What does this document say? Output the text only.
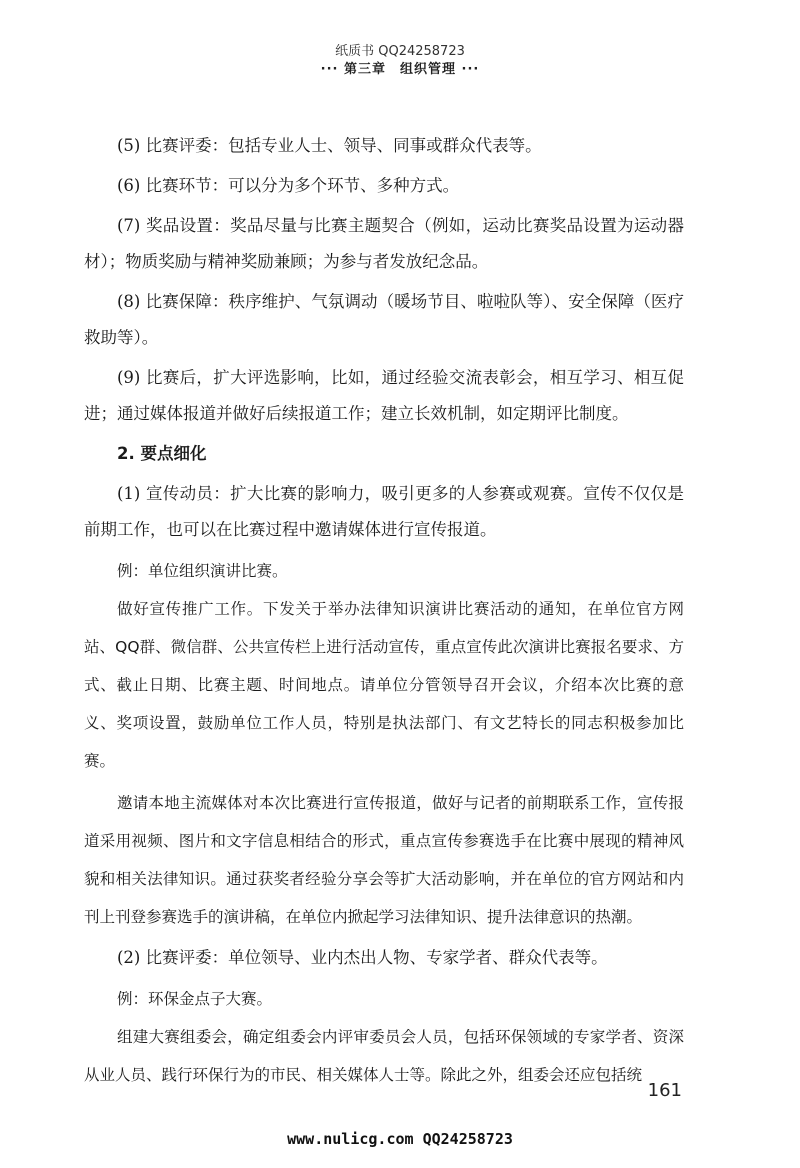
纸质书 QQ24258723
··· 第三章　组织管理 ···

(5) 比赛评委：包括专业人士、领导、同事或群众代表等。

(6) 比赛环节：可以分为多个环节、多种方式。

(7) 奖品设置：奖品尽量与比赛主题契合（例如，运动比赛奖品设置为运动器材）；物质奖励与精神奖励兼顾；为参与者发放纪念品。

(8) 比赛保障：秩序维护、气氛调动（暖场节目、啦啦队等）、安全保障（医疗救助等）。

(9) 比赛后，扩大评选影响，比如，通过经验交流表彰会，相互学习、相互促进；通过媒体报道并做好后续报道工作；建立长效机制，如定期评比制度。

2. 要点细化

(1) 宣传动员：扩大比赛的影响力，吸引更多的人参赛或观赛。宣传不仅仅是前期工作，也可以在比赛过程中邀请媒体进行宣传报道。

例：单位组织演讲比赛。

做好宣传推广工作。下发关于举办法律知识演讲比赛活动的通知，在单位官方网站、QQ群、微信群、公共宣传栏上进行活动宣传，重点宣传此次演讲比赛报名要求、方式、截止日期、比赛主题、时间地点。请单位分管领导召开会议，介绍本次比赛的意义、奖项设置，鼓励单位工作人员，特别是执法部门、有文艺特长的同志积极参加比赛。

邀请本地主流媒体对本次比赛进行宣传报道，做好与记者的前期联系工作，宣传报道采用视频、图片和文字信息相结合的形式，重点宣传参赛选手在比赛中展现的精神风貌和相关法律知识。通过获奖者经验分享会等扩大活动影响，并在单位的官方网站和内刊上刊登参赛选手的演讲稿，在单位内掀起学习法律知识、提升法律意识的热潮。

(2) 比赛评委：单位领导、业内杰出人物、专家学者、群众代表等。

例：环保金点子大赛。

组建大赛组委会，确定组委会内评审委员会人员，包括环保领域的专家学者、资深从业人员、践行环保行为的市民、相关媒体人士等。除此之外，组委会还应包括统

161
www.nulicg.com QQ24258723
